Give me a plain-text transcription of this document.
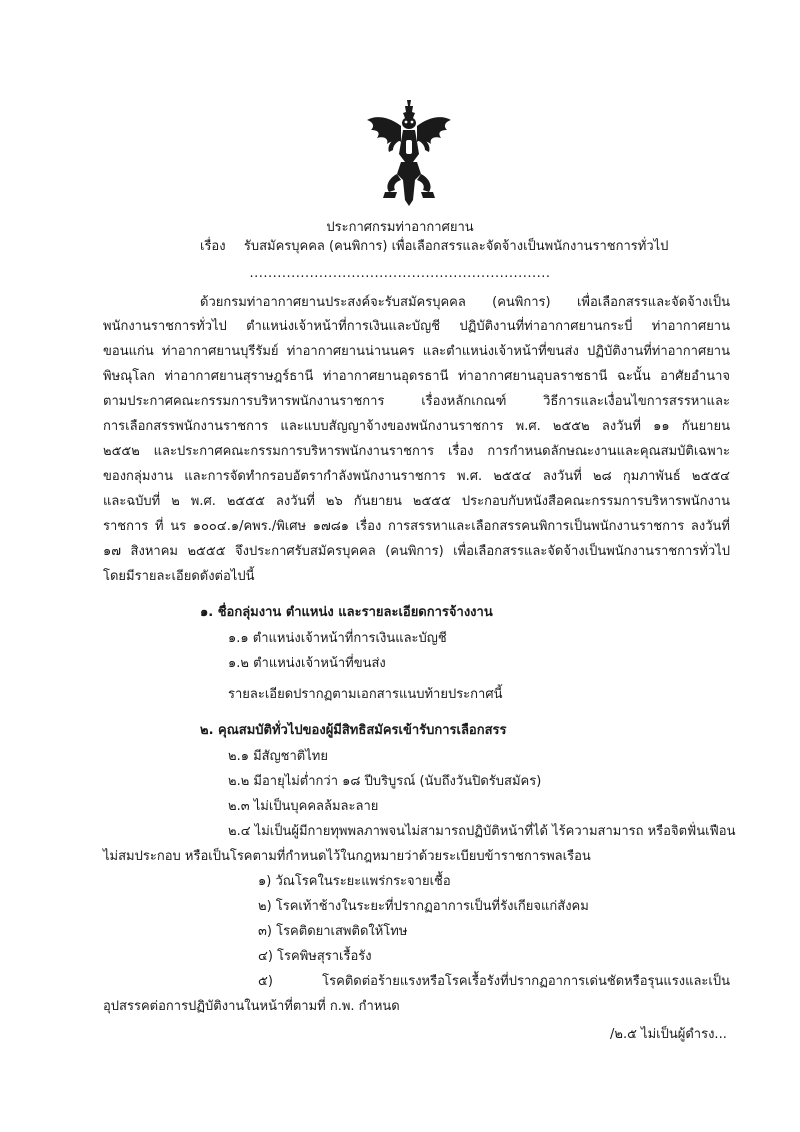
ประกาศกรมท่าอากาศยาน
เรื่อง รับสมัครบุคคล (คนพิการ) เพื่อเลือกสรรและจัดจ้างเป็นพนักงานราชการทั่วไป
.................................................................
ด้วยกรมท่าอากาศยานประสงค์จะรับสมัครบุคคล (คนพิการ) เพื่อเลือกสรรและจัดจ้างเป็น
พนักงานราชการทั่วไป ตำแหน่งเจ้าหน้าที่การเงินและบัญชี ปฏิบัติงานที่ท่าอากาศยานกระบี่ ท่าอากาศยาน
ขอนแก่น ท่าอากาศยานบุรีรัมย์ ท่าอากาศยานน่านนคร และตำแหน่งเจ้าหน้าที่ขนส่ง ปฏิบัติงานที่ท่าอากาศยาน
พิษณุโลก ท่าอากาศยานสุราษฎร์ธานี ท่าอากาศยานอุดรธานี ท่าอากาศยานอุบลราชธานี ฉะนั้น อาศัยอำนาจ
ตามประกาศคณะกรรมการบริหารพนักงานราชการ เรื่องหลักเกณฑ์ วิธีการและเงื่อนไขการสรรหาและ
การเลือกสรรพนักงานราชการ และแบบสัญญาจ้างของพนักงานราชการ พ.ศ. ๒๕๕๒ ลงวันที่ ๑๑ กันยายน
๒๕๕๒ และประกาศคณะกรรมการบริหารพนักงานราชการ เรื่อง การกำหนดลักษณะงานและคุณสมบัติเฉพาะ
ของกลุ่มงาน และการจัดทำกรอบอัตรากำลังพนักงานราชการ พ.ศ. ๒๕๕๔ ลงวันที่ ๒๘ กุมภาพันธ์ ๒๕๕๔
และฉบับที่ ๒ พ.ศ. ๒๕๕๕ ลงวันที่ ๒๖ กันยายน ๒๕๕๕ ประกอบกับหนังสือคณะกรรมการบริหารพนักงาน
ราชการ ที่ นร ๑๐๐๔.๑/คพร./พิเศษ ๑๗๘๑ เรื่อง การสรรหาและเลือกสรรคนพิการเป็นพนักงานราชการ ลงวันที่
๑๗ สิงหาคม ๒๕๕๕ จึงประกาศรับสมัครบุคคล (คนพิการ) เพื่อเลือกสรรและจัดจ้างเป็นพนักงานราชการทั่วไป
โดยมีรายละเอียดดังต่อไปนี้
๑. ชื่อกลุ่มงาน ตำแหน่ง และรายละเอียดการจ้างงาน
๑.๑ ตำแหน่งเจ้าหน้าที่การเงินและบัญชี
๑.๒ ตำแหน่งเจ้าหน้าที่ขนส่ง
รายละเอียดปรากฏตามเอกสารแนบท้ายประกาศนี้
๒. คุณสมบัติทั่วไปของผู้มีสิทธิสมัครเข้ารับการเลือกสรร
๒.๑ มีสัญชาติไทย
๒.๒ มีอายุไม่ต่ำกว่า ๑๘ ปีบริบูรณ์ (นับถึงวันปิดรับสมัคร)
๒.๓ ไม่เป็นบุคคลล้มละลาย
๒.๔ ไม่เป็นผู้มีกายทุพพลภาพจนไม่สามารถปฏิบัติหน้าที่ได้ ไร้ความสามารถ หรือจิตฟั่นเฟือน
ไม่สมประกอบ หรือเป็นโรคตามที่กำหนดไว้ในกฎหมายว่าด้วยระเบียบข้าราชการพลเรือน
๑) วัณโรคในระยะแพร่กระจายเชื้อ
๒) โรคเท้าช้างในระยะที่ปรากฏอาการเป็นที่รังเกียจแก่สังคม
๓) โรคติดยาเสพติดให้โทษ
๔) โรคพิษสุราเรื้อรัง
๕) โรคติดต่อร้ายแรงหรือโรคเรื้อรังที่ปรากฏอาการเด่นชัดหรือรุนแรงและเป็น
อุปสรรคต่อการปฏิบัติงานในหน้าที่ตามที่ ก.พ. กำหนด
/๒.๕ ไม่เป็นผู้ดำรง...
